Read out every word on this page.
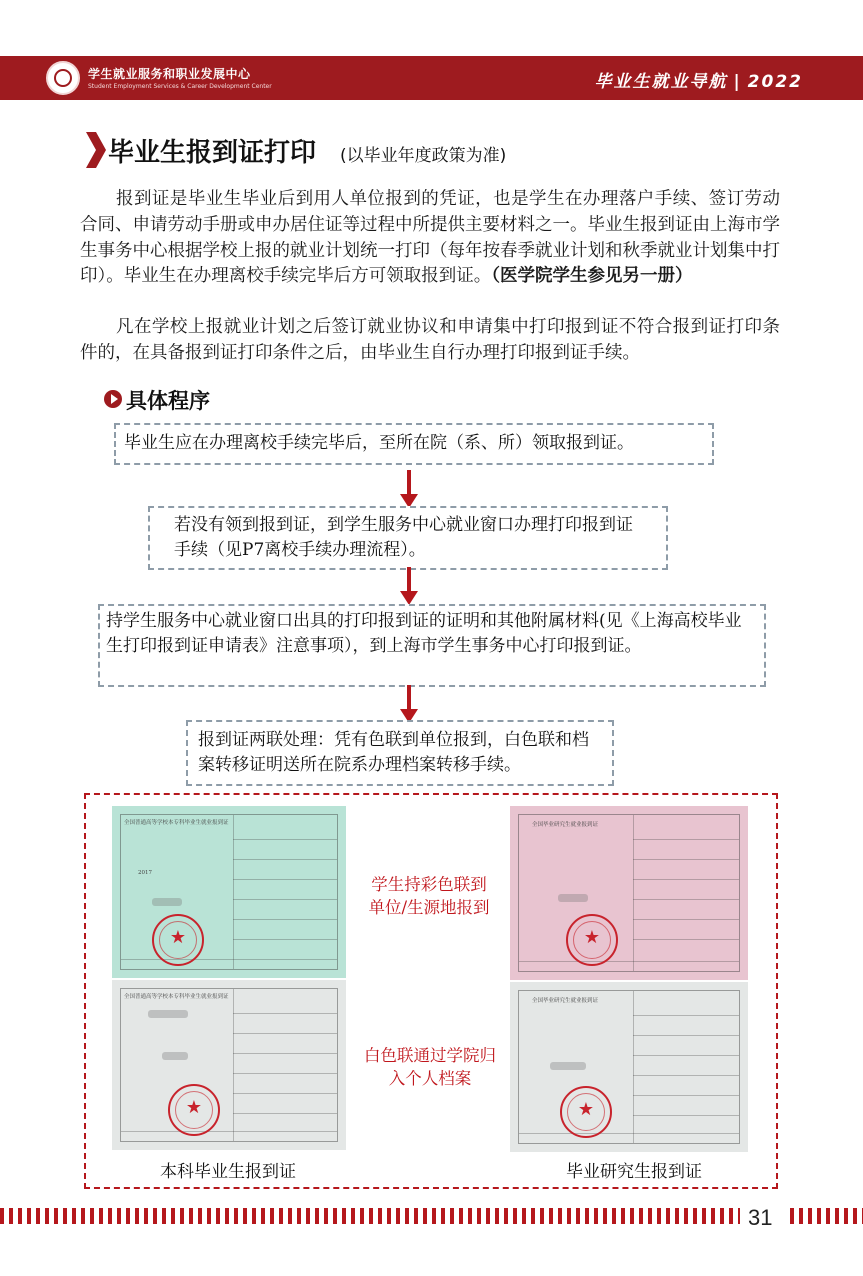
学生就业服务和职业发展中心
Student Employment Services & Career Development Center	毕业生就业导航 | 2022
毕业生报到证打印 (以毕业年度政策为准)
报到证是毕业生毕业后到用人单位报到的凭证，也是学生在办理落户手续、签订劳动合同、申请劳动手册或申办居住证等过程中所提供主要材料之一。毕业生报到证由上海市学生事务中心根据学校上报的就业计划统一打印（每年按春季就业计划和秋季就业计划集中打印）。毕业生在办理离校手续完毕后方可领取报到证。（医学院学生参见另一册）
凡在学校上报就业计划之后签订就业协议和申请集中打印报到证不符合报到证打印条件的，在具备报到证打印条件之后，由毕业生自行办理打印报到证手续。
具体程序
毕业生应在办理离校手续完毕后，至所在院（系、所）领取报到证。
若没有领到报到证，到学生服务中心就业窗口办理打印报到证手续（见P7离校手续办理流程）。
持学生服务中心就业窗口出具的打印报到证的证明和其他附属材料(见《上海高校毕业生打印报到证申请表》注意事项），到上海市学生事务中心打印报到证。
报到证两联处理：凭有色联到单位报到，白色联和档案转移证明送所在院系办理档案转移手续。
全国普通高等学校本专科毕业生就业报到证
2017
★
全国普通高等学校本专科毕业生就业报到证
★
全国毕业研究生就业报到证
★
全国毕业研究生就业报到证
★
学生持彩色联到单位/生源地报到
白色联通过学院归入个人档案
本科毕业生报到证	毕业研究生报到证
31
